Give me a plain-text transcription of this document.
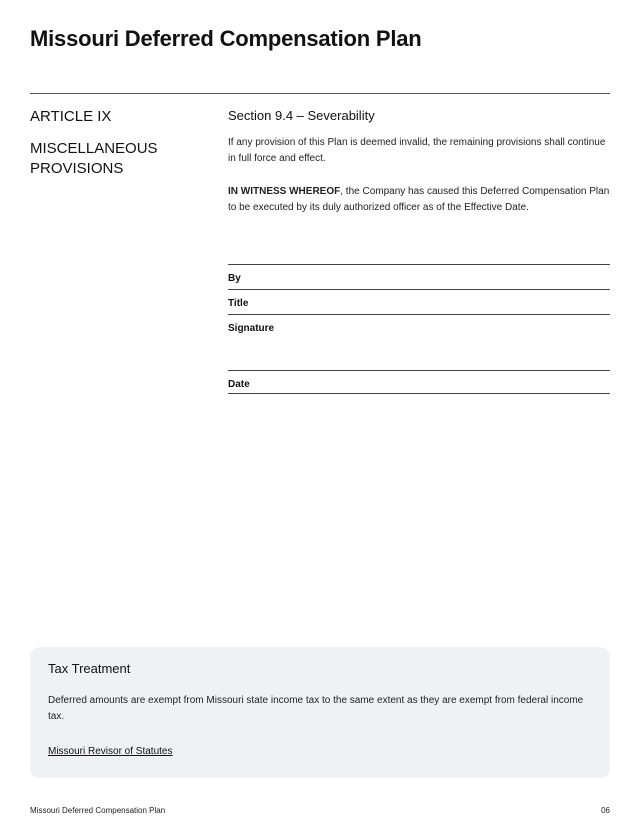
Missouri Deferred Compensation Plan
ARTICLE IX
MISCELLANEOUS PROVISIONS
Section 9.4 – Severability

If any provision of this Plan is deemed invalid, the remaining provisions shall continue in full force and effect.

IN WITNESS WHEREOF, the Company has caused this Deferred Compensation Plan to be executed by its duly authorized officer as of the Effective Date.

By
Title
Signature
Date
Tax Treatment

Deferred amounts are exempt from Missouri state income tax to the same extent as they are exempt from federal income tax.

Missouri Revisor of Statutes
Missouri Deferred Compensation Plan	06
